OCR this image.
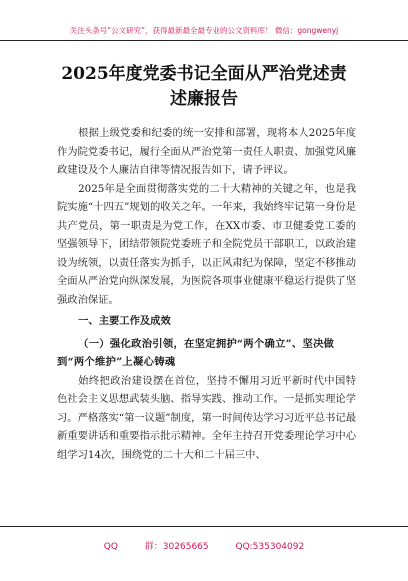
关注头条号“公文研究”，获得最新最全最专业的公文资料库！ 微信：gongwenyj
2025年度党委书记全面从严治党述责述廉报告

根据上级党委和纪委的统一安排和部署，现将本人2025年度作为院党委书记，履行全面从严治党第一责任人职责、加强党风廉政建设及个人廉洁自律等情况报告如下，请予评议。

2025年是全面贯彻落实党的二十大精神的关键之年，也是我院实施“十四五”规划的收关之年。一年来，我始终牢记第一身份是共产党员，第一职责是为党工作，在XX市委、市卫健委党工委的坚强领导下，团结带领院党委班子和全院党员干部职工，以政治建设为统领，以责任落实为抓手，以正风肃纪为保障，坚定不移推动全面从严治党向纵深发展，为医院各项事业健康平稳运行提供了坚强政治保证。

一、主要工作及成效

（一）强化政治引领，在坚定拥护“两个确立”、坚决做到“两个维护”上凝心铸魂

始终把政治建设摆在首位，坚持不懈用习近平新时代中国特色社会主义思想武装头脑、指导实践、推动工作。一是抓实理论学习。严格落实“第一议题”制度，第一时间传达学习习近平总书记最新重要讲话和重要指示批示精神。全年主持召开党委理论学习中心组学习14次，围绕党的二十大和二十届三中、

QQ 群：30265665 QQ:535304092
